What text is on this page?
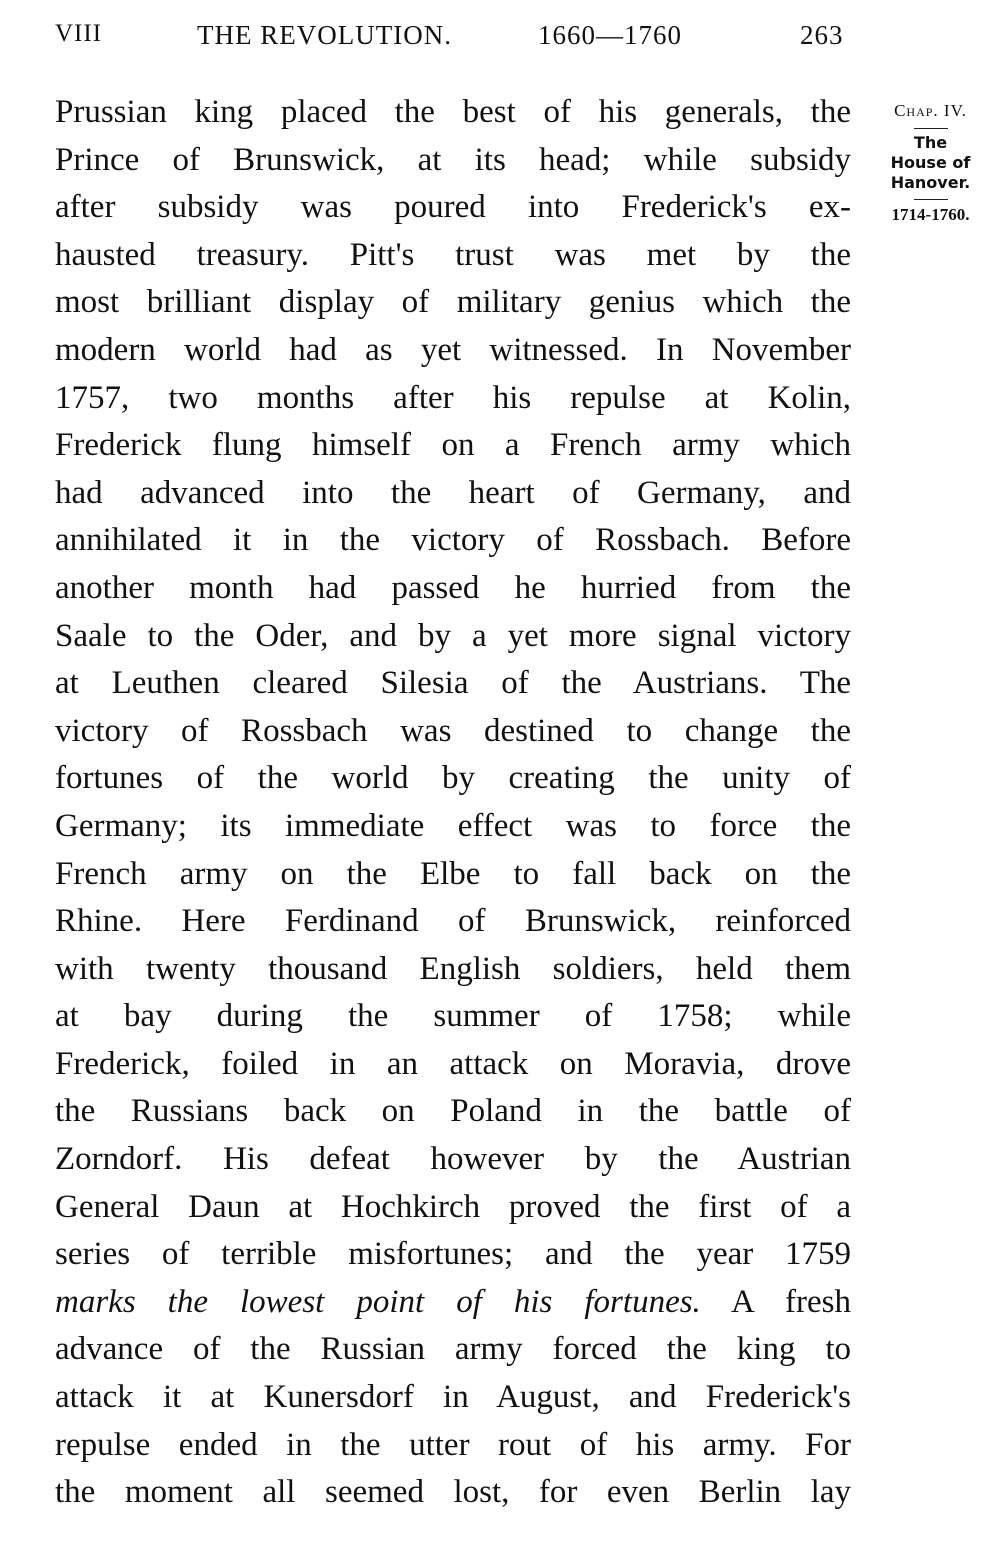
VIII	THE REVOLUTION.	1660—1760	263
Prussian king placed the best of his generals, the
Prince of Brunswick, at its head; while subsidy
after subsidy was poured into Frederick's ex-
hausted treasury. Pitt's trust was met by the
most brilliant display of military genius which the
modern world had as yet witnessed. In November
1757, two months after his repulse at Kolin,
Frederick flung himself on a French army which
had advanced into the heart of Germany, and
annihilated it in the victory of Rossbach. Before
another month had passed he hurried from the
Saale to the Oder, and by a yet more signal victory
at Leuthen cleared Silesia of the Austrians. The
victory of Rossbach was destined to change the
fortunes of the world by creating the unity of
Germany; its immediate effect was to force the
French army on the Elbe to fall back on the
Rhine. Here Ferdinand of Brunswick, reinforced
with twenty thousand English soldiers, held them
at bay during the summer of 1758; while
Frederick, foiled in an attack on Moravia, drove
the Russians back on Poland in the battle of
Zorndorf. His defeat however by the Austrian
General Daun at Hochkirch proved the first of a
series of terrible misfortunes; and the year 1759
marks the lowest point of his fortunes. A fresh
advance of the Russian army forced the king to
attack it at Kunersdorf in August, and Frederick's
repulse ended in the utter rout of his army. For
the moment all seemed lost, for even Berlin lay
Chap. IV.
The
House of
Hanover.
1714-1760.
